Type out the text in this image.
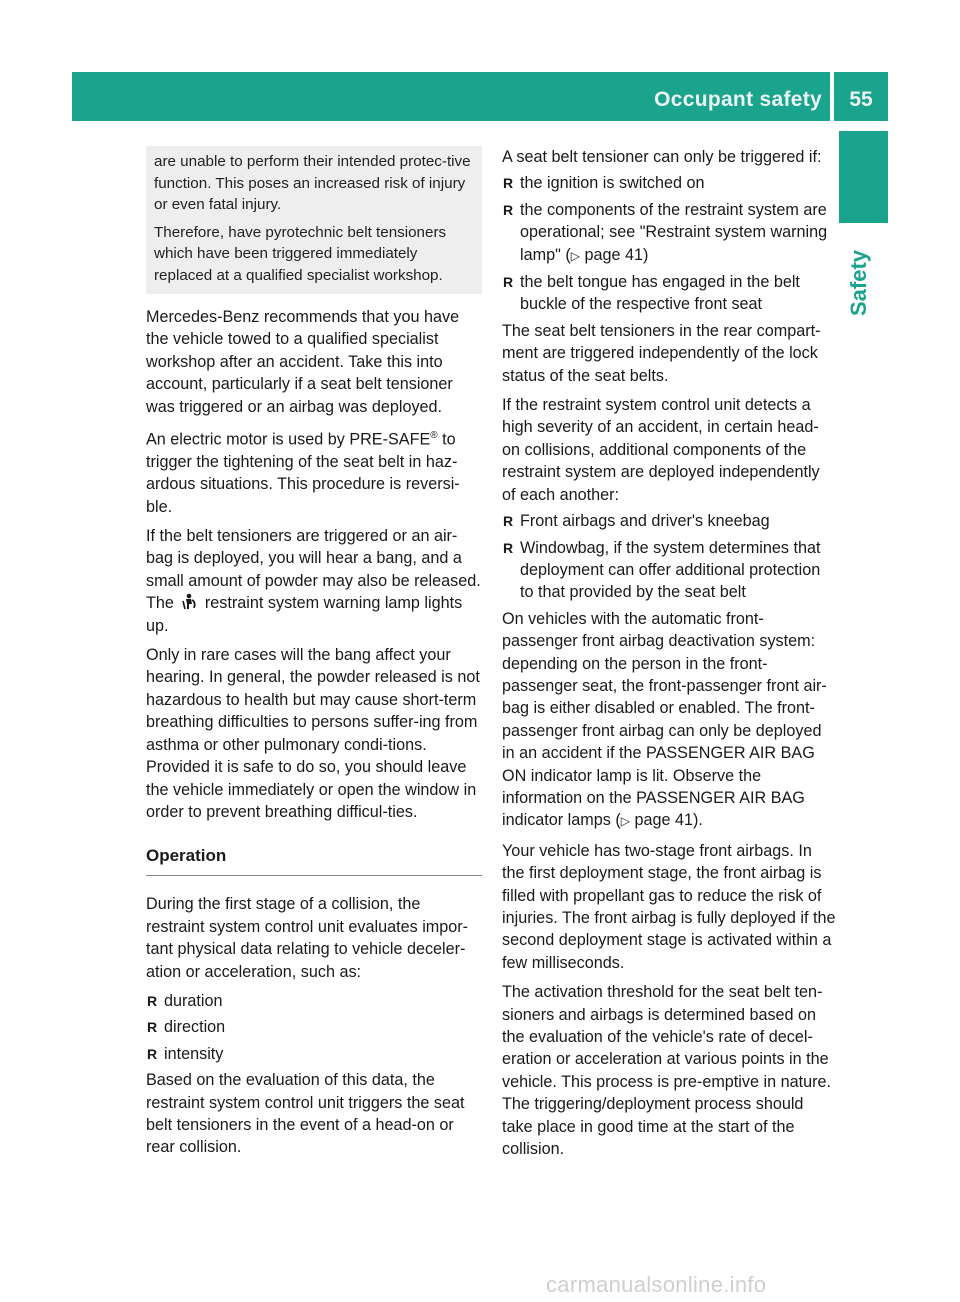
Occupant safety	55
Safety

are unable to perform their intended protec-tive function. This poses an increased risk of injury or even fatal injury.

Therefore, have pyrotechnic belt tensioners which have been triggered immediately replaced at a qualified specialist workshop.

Mercedes-Benz recommends that you have the vehicle towed to a qualified specialist workshop after an accident. Take this into account, particularly if a seat belt tensioner was triggered or an airbag was deployed.

An electric motor is used by PRE-SAFE® to trigger the tightening of the seat belt in haz-ardous situations. This procedure is reversi-ble.

If the belt tensioners are triggered or an air-bag is deployed, you will hear a bang, and a small amount of powder may also be released. The restraint system warning lamp lights up.

Only in rare cases will the bang affect your hearing. In general, the powder released is not hazardous to health but may cause short-term breathing difficulties to persons suffer-ing from asthma or other pulmonary condi-tions. Provided it is safe to do so, you should leave the vehicle immediately or open the window in order to prevent breathing difficul-ties.

Operation

During the first stage of a collision, the restraint system control unit evaluates impor-tant physical data relating to vehicle deceler-ation or acceleration, such as:

R duration
R direction
R intensity

Based on the evaluation of this data, the restraint system control unit triggers the seat belt tensioners in the event of a head-on or rear collision.

A seat belt tensioner can only be triggered if:

R the ignition is switched on
R the components of the restraint system are operational; see "Restraint system warning lamp" (▷ page 41)
R the belt tongue has engaged in the belt buckle of the respective front seat

The seat belt tensioners in the rear compart-ment are triggered independently of the lock status of the seat belts.

If the restraint system control unit detects a high severity of an accident, in certain head-on collisions, additional components of the restraint system are deployed independently of each another:

R Front airbags and driver's kneebag
R Windowbag, if the system determines that deployment can offer additional protection to that provided by the seat belt

On vehicles with the automatic front-passenger front airbag deactivation system: depending on the person in the front-passenger seat, the front-passenger front air-bag is either disabled or enabled. The front-passenger front airbag can only be deployed in an accident if the PASSENGER AIR BAG ON indicator lamp is lit. Observe the information on the PASSENGER AIR BAG indicator lamps (▷ page 41).

Your vehicle has two-stage front airbags. In the first deployment stage, the front airbag is filled with propellant gas to reduce the risk of injuries. The front airbag is fully deployed if the second deployment stage is activated within a few milliseconds.

The activation threshold for the seat belt ten-sioners and airbags is determined based on the evaluation of the vehicle's rate of decel-eration or acceleration at various points in the vehicle. This process is pre-emptive in nature. The triggering/deployment process should take place in good time at the start of the collision.

carmanualsonline.info
